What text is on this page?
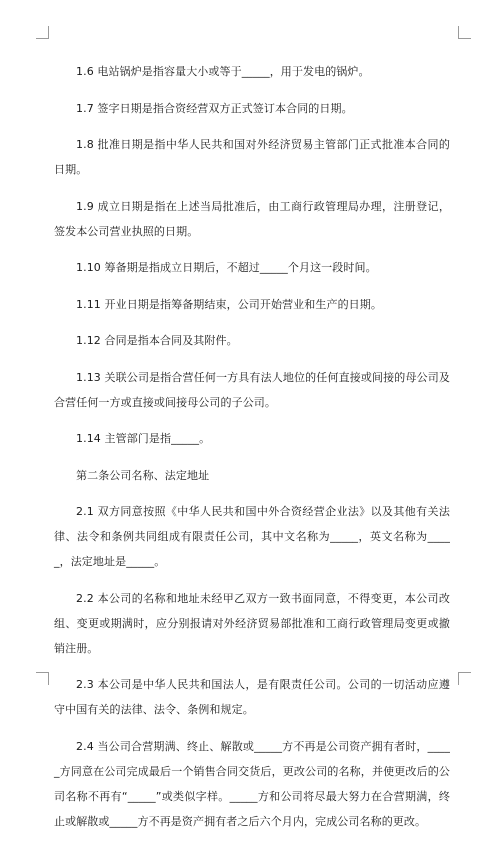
1.6 电站锅炉是指容量大小或等于_____，用于发电的锅炉。

1.7 签字日期是指合资经营双方正式签订本合同的日期。

1.8 批准日期是指中华人民共和国对外经济贸易主管部门正式批准本合同的日期。

1.9 成立日期是指在上述当局批准后，由工商行政管理局办理，注册登记，签发本公司营业执照的日期。

1.10 筹备期是指成立日期后，不超过_____个月这一段时间。

1.11 开业日期是指筹备期结束，公司开始营业和生产的日期。

1.12 合同是指本合同及其附件。

1.13 关联公司是指合营任何一方具有法人地位的任何直接或间接的母公司及合营任何一方或直接或间接母公司的子公司。

1.14 主管部门是指_____。

第二条公司名称、法定地址

2.1 双方同意按照《中华人民共和国中外合资经营企业法》以及其他有关法律、法令和条例共同组成有限责任公司，其中文名称为_____，英文名称为_____，法定地址是_____。

2.2 本公司的名称和地址未经甲乙双方一致书面同意，不得变更，本公司改组、变更或期满时，应分别报请对外经济贸易部批准和工商行政管理局变更或撤销注册。

2.3 本公司是中华人民共和国法人，是有限责任公司。公司的一切活动应遵守中国有关的法律、法令、条例和规定。

2.4 当公司合营期满、终止、解散或_____方不再是公司资产拥有者时，_____方同意在公司完成最后一个销售合同交货后，更改公司的名称，并使更改后的公司名称不再有“_____”或类似字样。_____方和公司将尽最大努力在合营期满，终止或解散或_____方不再是资产拥有者之后六个月内，完成公司名称的更改。
